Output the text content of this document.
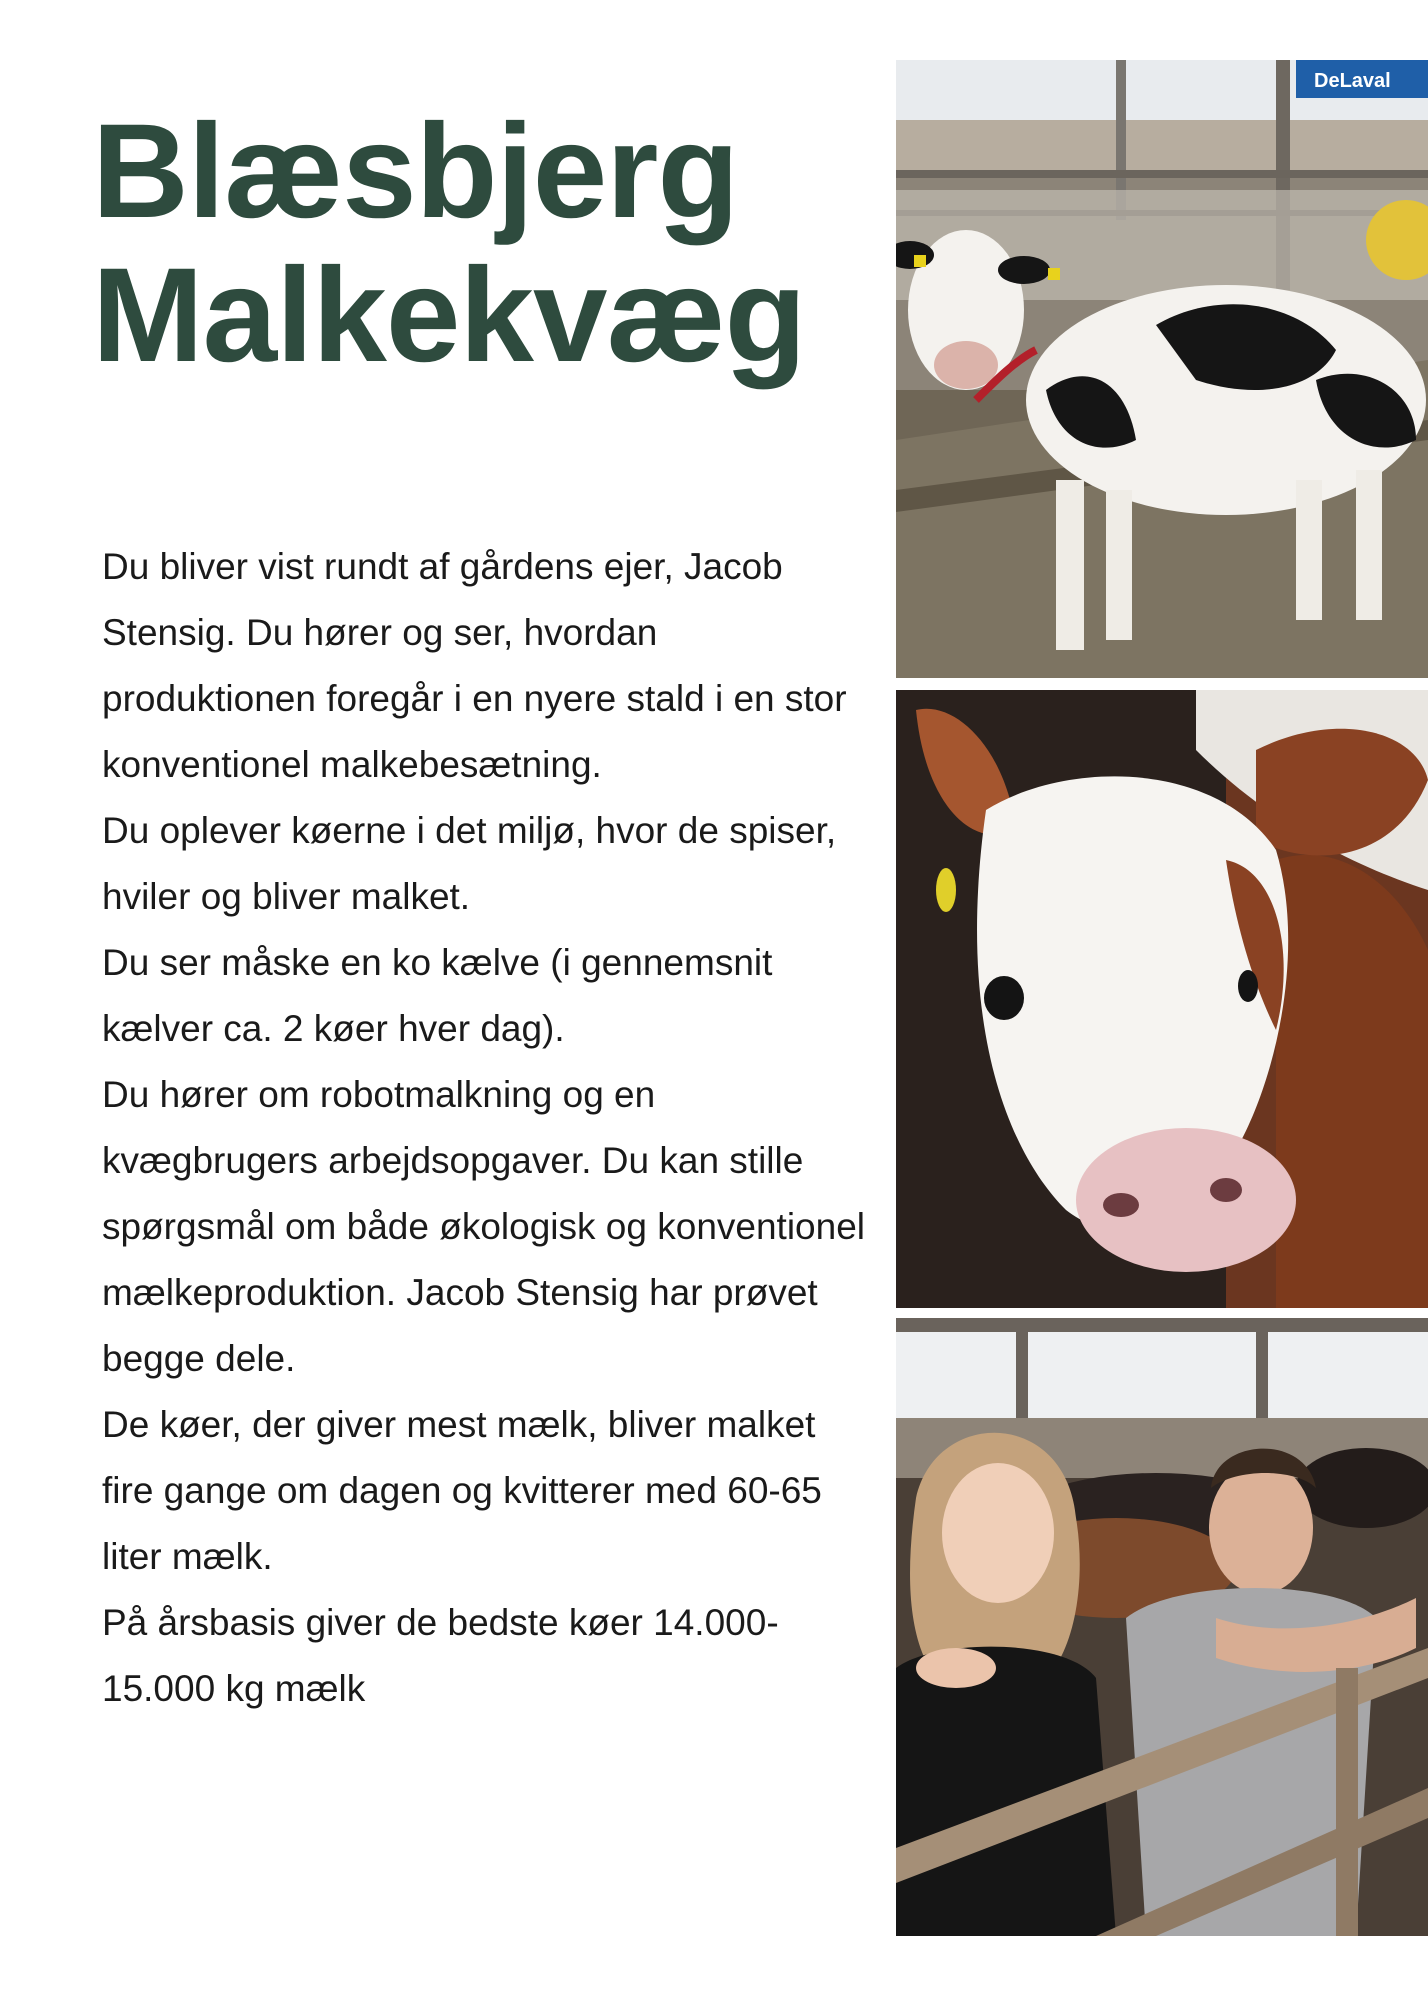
Blæsbjerg
Malkekvæg

Du bliver vist rundt af gårdens ejer, Jacob Stensig. Du hører og ser, hvordan produktionen foregår i en nyere stald i en stor konventionel malkebesætning.

Du oplever køerne i det miljø, hvor de spiser, hviler og bliver malket.

Du ser måske en ko kælve (i gennemsnit kælver ca. 2 køer hver dag).

Du hører om robotmalkning og en kvægbrugers arbejdsopgaver. Du kan stille spørgsmål om både økologisk og konventionel mælkeproduktion. Jacob Stensig har prøvet begge dele.

De køer, der giver mest mælk, bliver malket fire gange om dagen og kvitterer med 60-65 liter mælk.

På årsbasis giver de bedste køer 14.000-15.000 kg mælk

DeLaval
